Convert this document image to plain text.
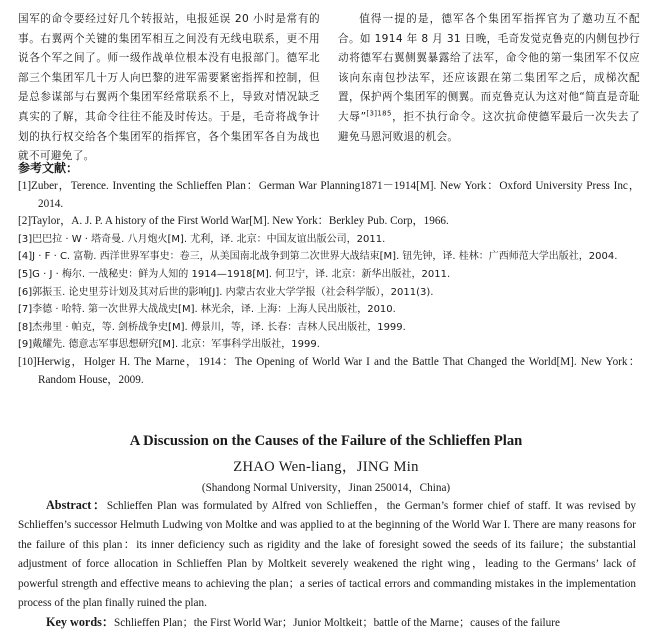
国军的命令要经过好几个转报站，电报延误 20 小时是常有的事。右翼两个关键的集团军相互之间没有无线电联系，更不用说各个军之间了。师一级作战单位根本没有电报部门。德军北部三个集团军几十万人向巴黎的进军需要紧密指挥和控制，但是总参谋部与右翼两个集团军经常联系不上，导致对情况缺乏真实的了解，其命令往往不能及时传达。于是，毛奇将战争计划的执行权交给各个集团军的指挥官，各个集团军各自为战也就不可避免了。

值得一提的是，德军各个集团军指挥官为了邀功互不配合。如 1914 年 8 月 31 日晚，毛奇发觉克鲁克的内侧包抄行动将德军右翼侧翼暴露给了法军，命令他的第一集团军不仅应该向东南包抄法军，还应该跟在第二集团军之后，成梯次配置，保护两个集团军的侧翼。而克鲁克认为这对他“简直是奇耻大辱”$^{[3]185}$，拒不执行命令。这次抗命使德军最后一次失去了避免马恩河败退的机会。

参考文献：
[1]Zuber，Terence. Inventing the Schlieffen Plan：German War Planning1871－1914[M]. New York：Oxford University Press Inc，2014.
[2]Taylor，A. J. P. A history of the First World War[M]. New York：Berkley Pub. Corp，1966.
[3]巴巴拉 · W · 塔奇曼. 八月炮火[M]. 尤利，译. 北京：中国友谊出版公司，2011.
[4]J · F · C. 富勒. 西洋世界军事史：卷三，从美国南北战争到第二次世界大战结束[M]. 钮先钟，译. 桂林：广西师范大学出版社，2004.
[5]G · J · 梅尔. 一战秘史：鲜为人知的 1914—1918[M]. 何卫宁，译. 北京：新华出版社，2011.
[6]郭振玉. 论史里芬计划及其对后世的影响[J]. 内蒙古农业大学学报（社会科学版），2011(3).
[7]李德 · 哈特. 第一次世界大战战史[M]. 林光余，译. 上海：上海人民出版社，2010.
[8]杰弗里 · 帕克，等. 剑桥战争史[M]. 傅景川，等，译. 长春：吉林人民出版社，1999.
[9]戴耀先. 德意志军事思想研究[M]. 北京：军事科学出版社，1999.
[10]Herwig，Holger H. The Marne，1914：The Opening of World War I and the Battle That Changed the World[M]. New York：Random House，2009.
A Discussion on the Causes of the Failure of the Schlieffen Plan
ZHAO Wen-liang，JING Min
(Shandong Normal University，Jinan 250014，China)

Abstract：Schlieffen Plan was formulated by Alfred von Schlieffen，the German’s former chief of staff. It was revised by Schlieffen’s successor Helmuth Ludwing von Moltke and was applied to at the beginning of the World War I. There are many reasons for the failure of this plan：its inner deficiency such as rigidity and the lake of foresight sowed the seeds of its failure；the substantial adjustment of force allocation in Schlieffen Plan by Moltkeit severely weakened the right wing，leading to the Germans’ lack of powerful strength and effective means to achieving the plan；a series of tactical errors and commanding mistakes in the implementation process of the plan finally ruined the plan.

Key words：Schlieffen Plan；the First World War；Junior Moltkeit；battle of the Marne；causes of the failure
